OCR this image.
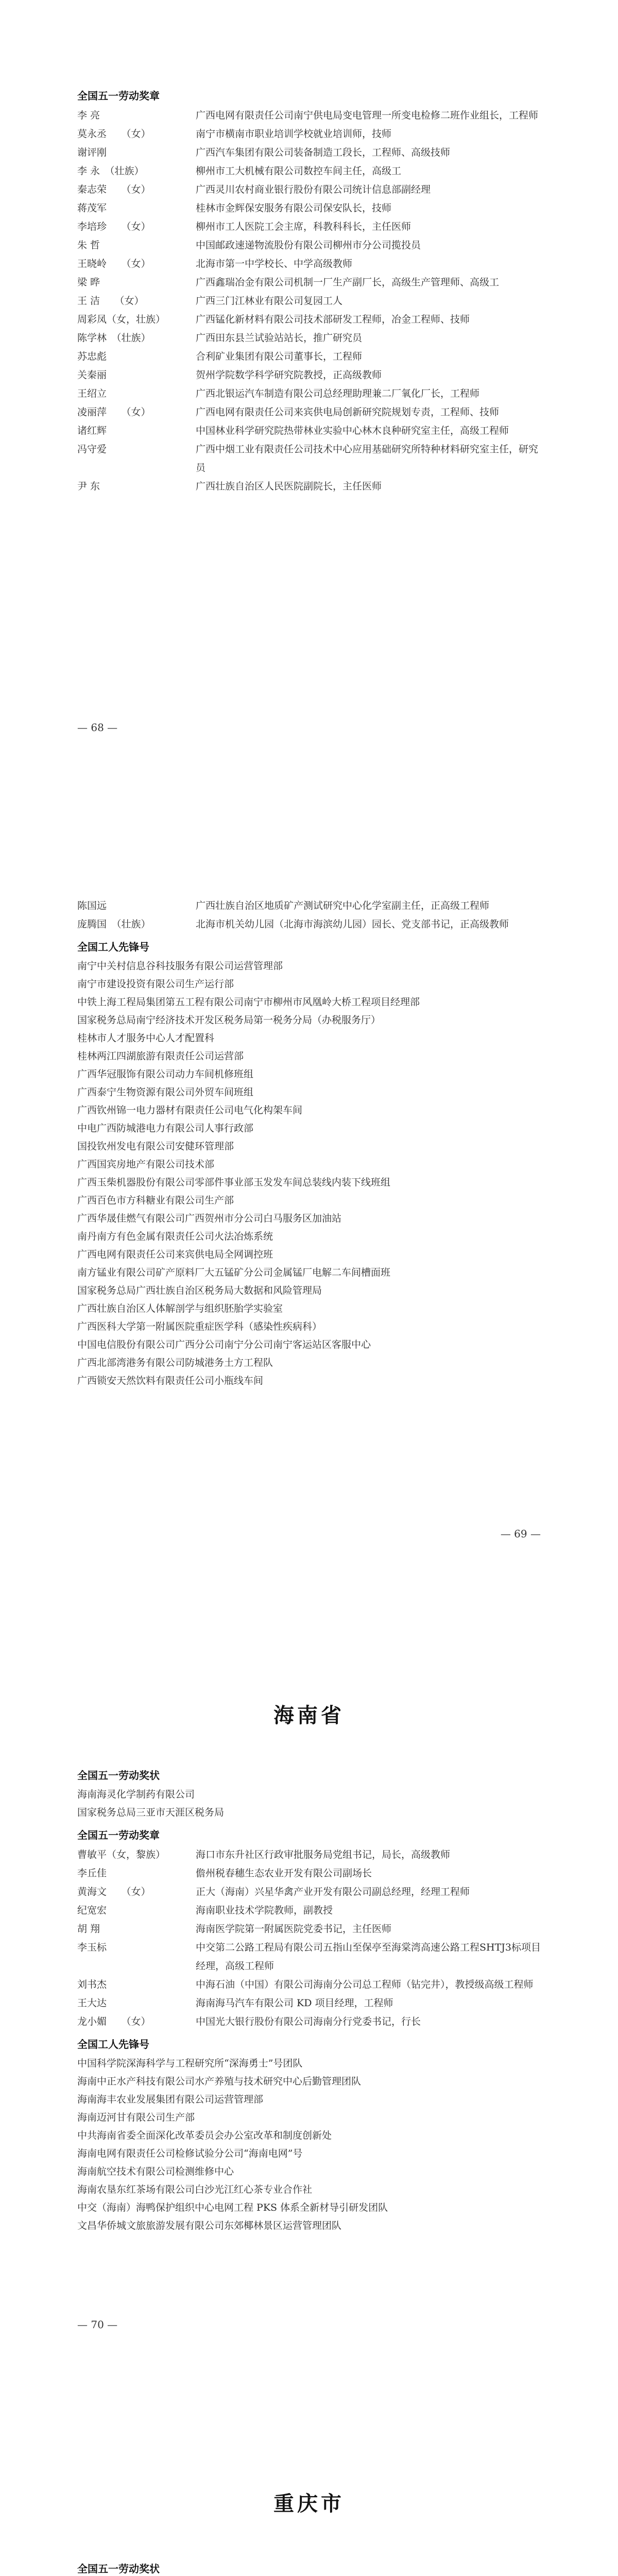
全国五一劳动奖章
李 亮	广西电网有限责任公司南宁供电局变电管理一所变电检修二班作业组长，工程师
莫永丞　　（女）	南宁市横南市职业培训学校就业培训师，技师
谢评刚	广西汽车集团有限公司装备制造工段长，工程师、高级技师
李 永　（壮族）	柳州市工大机械有限公司数控车间主任，高级工
秦志荣　　（女）	广西灵川农村商业银行股份有限公司统计信息部副经理
蒋茂军	桂林市金辉保安服务有限公司保安队长，技师
李培珍　　（女）	柳州市工人医院工会主席，科教科科长，主任医师
朱 哲	中国邮政速递物流股份有限公司柳州市分公司揽投员
王晓岭　　（女）	北海市第一中学校长、中学高级教师
梁 晔	广西鑫瑞冶金有限公司机制一厂生产副厂长，高级生产管理师、高级工
王 洁　　（女）	广西三门江林业有限公司复园工人
周彩凤（女，壮族）	广西锰化新材料有限公司技术部研发工程师，冶金工程师、技师
陈学林　（壮族）	广西田东县兰试验站站长，推广研究员
苏忠彪	合利矿业集团有限公司董事长，工程师
关秦丽	贺州学院数学科学研究院教授，正高级教师
王绍立	广西北银运汽车制造有限公司总经理助理兼二厂氧化厂长，工程师
凌丽萍　　（女）	广西电网有限责任公司来宾供电局创新研究院规划专责，工程师、技师
诸红辉	中国林业科学研究院热带林业实验中心林木良种研究室主任，高级工程师
冯守爱	广西中烟工业有限责任公司技术中心应用基础研究所特种材料研究室主任，研究员
尹 东	广西壮族自治区人民医院副院长，主任医师
— 68 —
陈国远	广西壮族自治区地质矿产测试研究中心化学室副主任，正高级工程师
庞腾国　（壮族）	北海市机关幼儿园（北海市海滨幼儿园）园长、党支部书记，正高级教师
全国工人先锋号
南宁中关村信息谷科技服务有限公司运营管理部
南宁市建设投资有限公司生产运行部
中铁上海工程局集团第五工程有限公司南宁市柳州市风凰岭大桥工程项目经理部
国家税务总局南宁经济技术开发区税务局第一税务分局（办税服务厅）
桂林市人才服务中心人才配置科
桂林两江四湖旅游有限责任公司运营部
广西华冠服饰有限公司动力车间机修班组
广西泰宁生物资源有限公司外贸车间班组
广西钦州锦一电力器材有限责任公司电气化构架车间
中电广西防城港电力有限公司人事行政部
国投钦州发电有限公司安健环管理部
广西国宾房地产有限公司技术部
广西玉柴机器股份有限公司零部件事业部玉发发车间总装线内装下线班组
广西百色市方科糖业有限公司生产部
广西华晟佳燃气有限公司广西贺州市分公司白马服务区加油站
南丹南方有色金属有限责任公司火法冶炼系统
广西电网有限责任公司来宾供电局全网调控班
南方锰业有限公司矿产原料厂大五锰矿分公司金属锰厂电解二车间槽面班
国家税务总局广西壮族自治区税务局大数据和风险管理局
广西壮族自治区人体解剖学与组织胚胎学实验室
广西医科大学第一附属医院重症医学科（感染性疾病科）
中国电信股份有限公司广西分公司南宁分公司南宁客运站区客服中心
广西北部湾港务有限公司防城港务土方工程队
广西锁安天然饮料有限责任公司小瓶线车间
— 69 —
海南省
全国五一劳动奖状
海南海灵化学制药有限公司
国家税务总局三亚市天涯区税务局
全国五一劳动奖章
曹敏平（女，黎族）	海口市东升社区行政审批服务局党组书记，局长，高级教师
李丘佳	儋州税春穗生态农业开发有限公司副场长
黄海文　　（女）	正大（海南）兴星华禽产业开发有限公司副总经理，经理工程师
纪宽宏	海南职业技术学院教师，副教授
胡 翔	海南医学院第一附属医院党委书记，主任医师
李玉标	中交第二公路工程局有限公司五指山至保亭至海棠湾高速公路工程SHTJ3标项目经理，高级工程师
刘书杰	中海石油（中国）有限公司海南分公司总工程师（钻完井），教授级高级工程师
王大达	海南海马汽车有限公司 KD 项目经理，工程师
龙小媚　　（女）	中国光大银行股份有限公司海南分行党委书记，行长
全国工人先锋号
中国科学院深海科学与工程研究所“深海勇士”号团队
海南中正水产科技有限公司水产养殖与技术研究中心后勤管理团队
海南海丰农业发展集团有限公司运营管理部
海南迈河甘有限公司生产部
中共海南省委全面深化改革委员会办公室改革和制度创新处
海南电网有限责任公司检修试验分公司“海南电网”号
海南航空技术有限公司检测维修中心
海南农垦东红茶场有限公司白沙光江红心茶专业合作社
中交（海南）海鸭保护组织中心电网工程 PKS 体系全新材导引研发团队
文昌华侨城文旅旅游发展有限公司东郊椰林景区运营管理团队
— 70 —
重庆市
全国五一劳动奖状
